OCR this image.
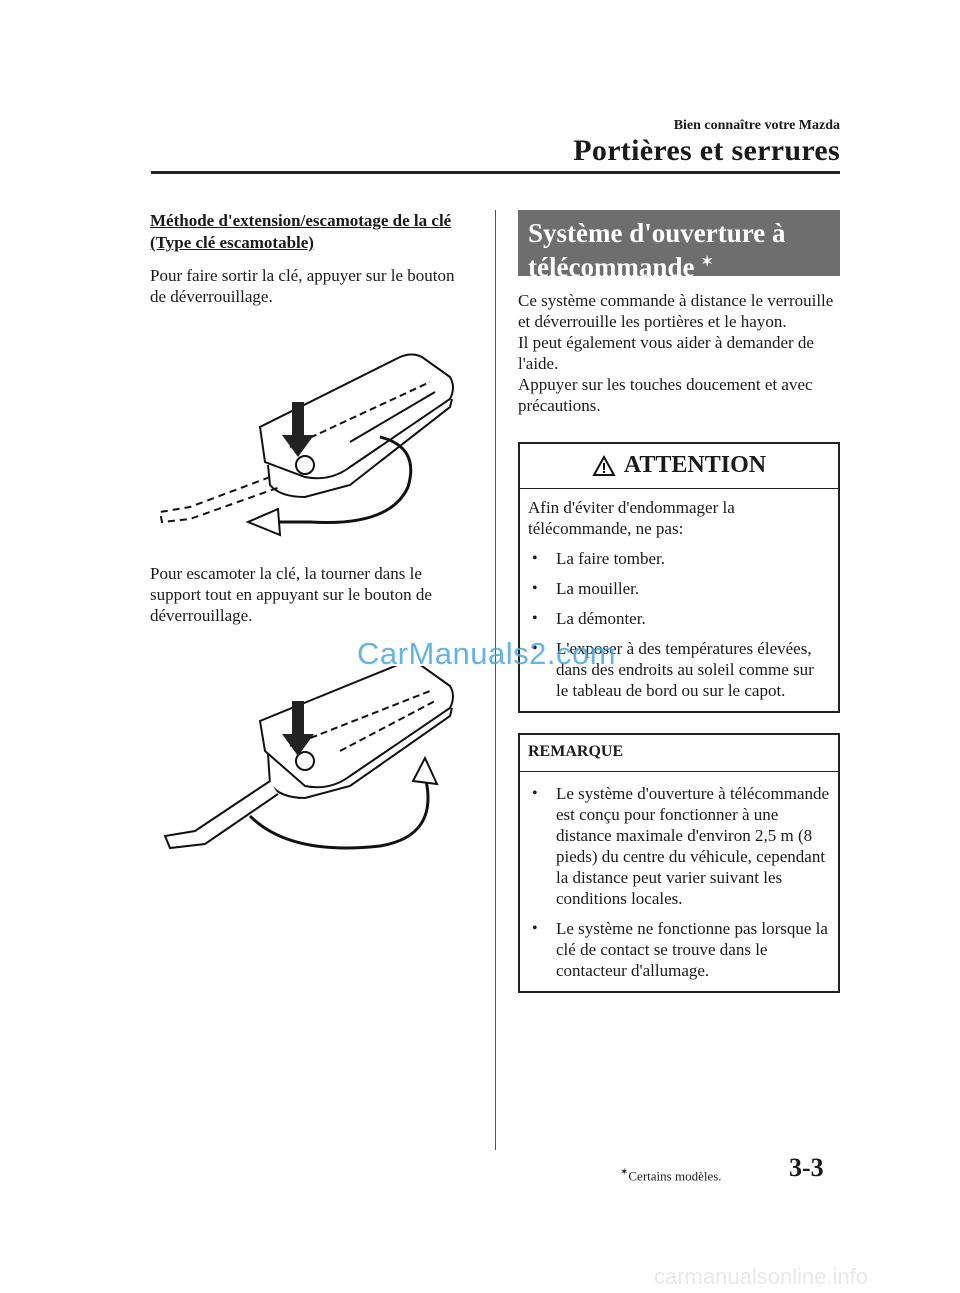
Bien connaître votre Mazda
Portières et serrures

Méthode d'extension/escamotage de la clé (Type clé escamotable)

Pour faire sortir la clé, appuyer sur le bouton de déverrouillage.

Pour escamoter la clé, la tourner dans le support tout en appuyant sur le bouton de déverrouillage.

Système d'ouverture à télécommande ✶

Ce système commande à distance le verrouille et déverrouille les portières et le hayon.

Il peut également vous aider à demander de l'aide.

Appuyer sur les touches doucement et avec précautions.

ATTENTION
Afin d'éviter d'endommager la télécommande, ne pas:
• La faire tomber.
• La mouiller.
• La démonter.
• L'exposer à des températures élevées, dans des endroits au soleil comme sur le tableau de bord ou sur le capot.
REMARQUE
• Le système d'ouverture à télécommande est conçu pour fonctionner à une distance maximale d'environ 2,5 m (8 pieds) du centre du véhicule, cependant la distance peut varier suivant les conditions locales.
• Le système ne fonctionne pas lorsque la clé de contact se trouve dans le contacteur d'allumage.
CarManuals2.com
✶Certains modèles.	3-3
carmanualsonline.info
